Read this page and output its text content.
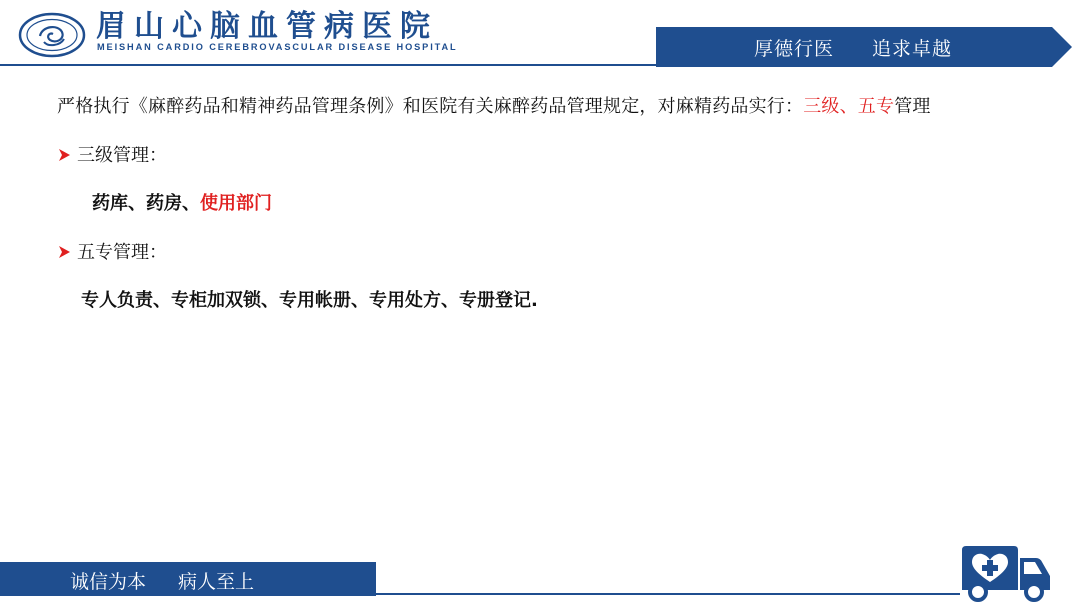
眉山心脑血管病医院
MEISHAN CARDIO CEREBROVASCULAR DISEASE HOSPITAL	厚德行医 追求卓越
严格执行《麻醉药品和精神药品管理条例》和医院有关麻醉药品管理规定，对麻精药品实行：三级、五专管理
三级管理：
药库、药房、使用部门
五专管理：
专人负责、专柜加双锁、专用帐册、专用处方、专册登记.
诚信为本 病人至上
